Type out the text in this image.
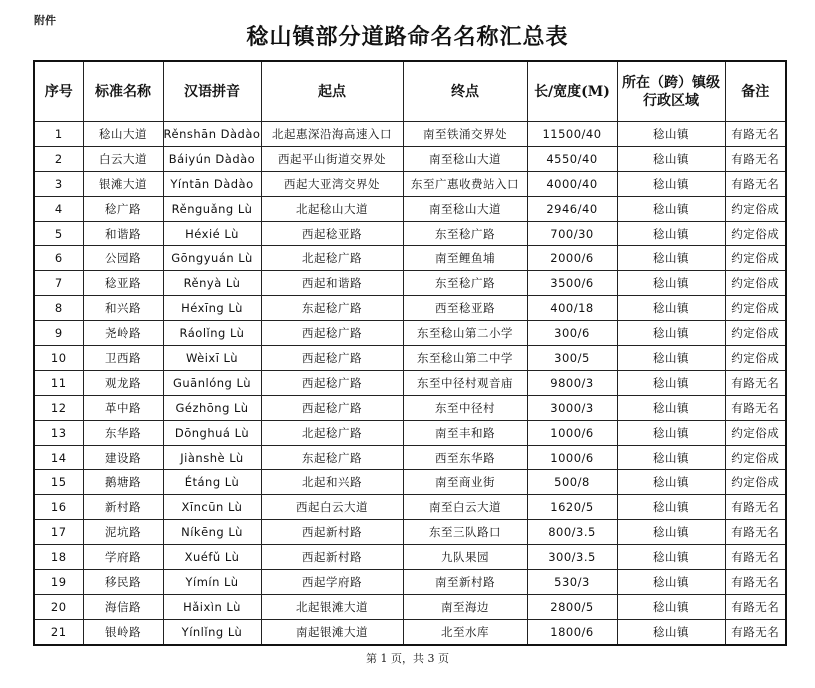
附件
稔山镇部分道路命名名称汇总表
序号	标准名称	汉语拼音	起点	终点	长/宽度(M)	所在（跨）镇级行政区域	备注
1	稔山大道	Rěnshān Dàdào	北起惠深沿海高速入口	南至铁涌交界处	11500/40	稔山镇	有路无名
2	白云大道	Báiyún Dàdào	西起平山街道交界处	南至稔山大道	4550/40	稔山镇	有路无名
3	银滩大道	Yíntān Dàdào	西起大亚湾交界处	东至广惠收费站入口	4000/40	稔山镇	有路无名
4	稔广路	Rěnguǎng Lù	北起稔山大道	南至稔山大道	2946/40	稔山镇	约定俗成
5	和谐路	Héxié Lù	西起稔亚路	东至稔广路	700/30	稔山镇	约定俗成
6	公园路	Gōngyuán Lù	北起稔广路	南至鲤鱼埔	2000/6	稔山镇	约定俗成
7	稔亚路	Rěnyà Lù	西起和谐路	东至稔广路	3500/6	稔山镇	约定俗成
8	和兴路	Héxīng Lù	东起稔广路	西至稔亚路	400/18	稔山镇	约定俗成
9	尧岭路	Ráolǐng Lù	西起稔广路	东至稔山第二小学	300/6	稔山镇	约定俗成
10	卫西路	Wèixī Lù	西起稔广路	东至稔山第二中学	300/5	稔山镇	约定俗成
11	观龙路	Guānlóng Lù	西起稔广路	东至中径村观音庙	9800/3	稔山镇	有路无名
12	革中路	Gézhōng Lù	西起稔广路	东至中径村	3000/3	稔山镇	有路无名
13	东华路	Dōnghuá Lù	北起稔广路	南至丰和路	1000/6	稔山镇	约定俗成
14	建设路	Jiànshè Lù	东起稔广路	西至东华路	1000/6	稔山镇	约定俗成
15	鹅塘路	Étáng Lù	北起和兴路	南至商业街	500/8	稔山镇	约定俗成
16	新村路	Xīncūn Lù	西起白云大道	南至白云大道	1620/5	稔山镇	有路无名
17	泥坑路	Níkēng Lù	西起新村路	东至三队路口	800/3.5	稔山镇	有路无名
18	学府路	Xuéfǔ Lù	西起新村路	九队果园	300/3.5	稔山镇	有路无名
19	移民路	Yímín Lù	西起学府路	南至新村路	530/3	稔山镇	有路无名
20	海信路	Hǎixìn Lù	北起银滩大道	南至海边	2800/5	稔山镇	有路无名
21	银岭路	Yínlǐng Lù	南起银滩大道	北至水库	1800/6	稔山镇	有路无名
第 1 页，共 3 页
